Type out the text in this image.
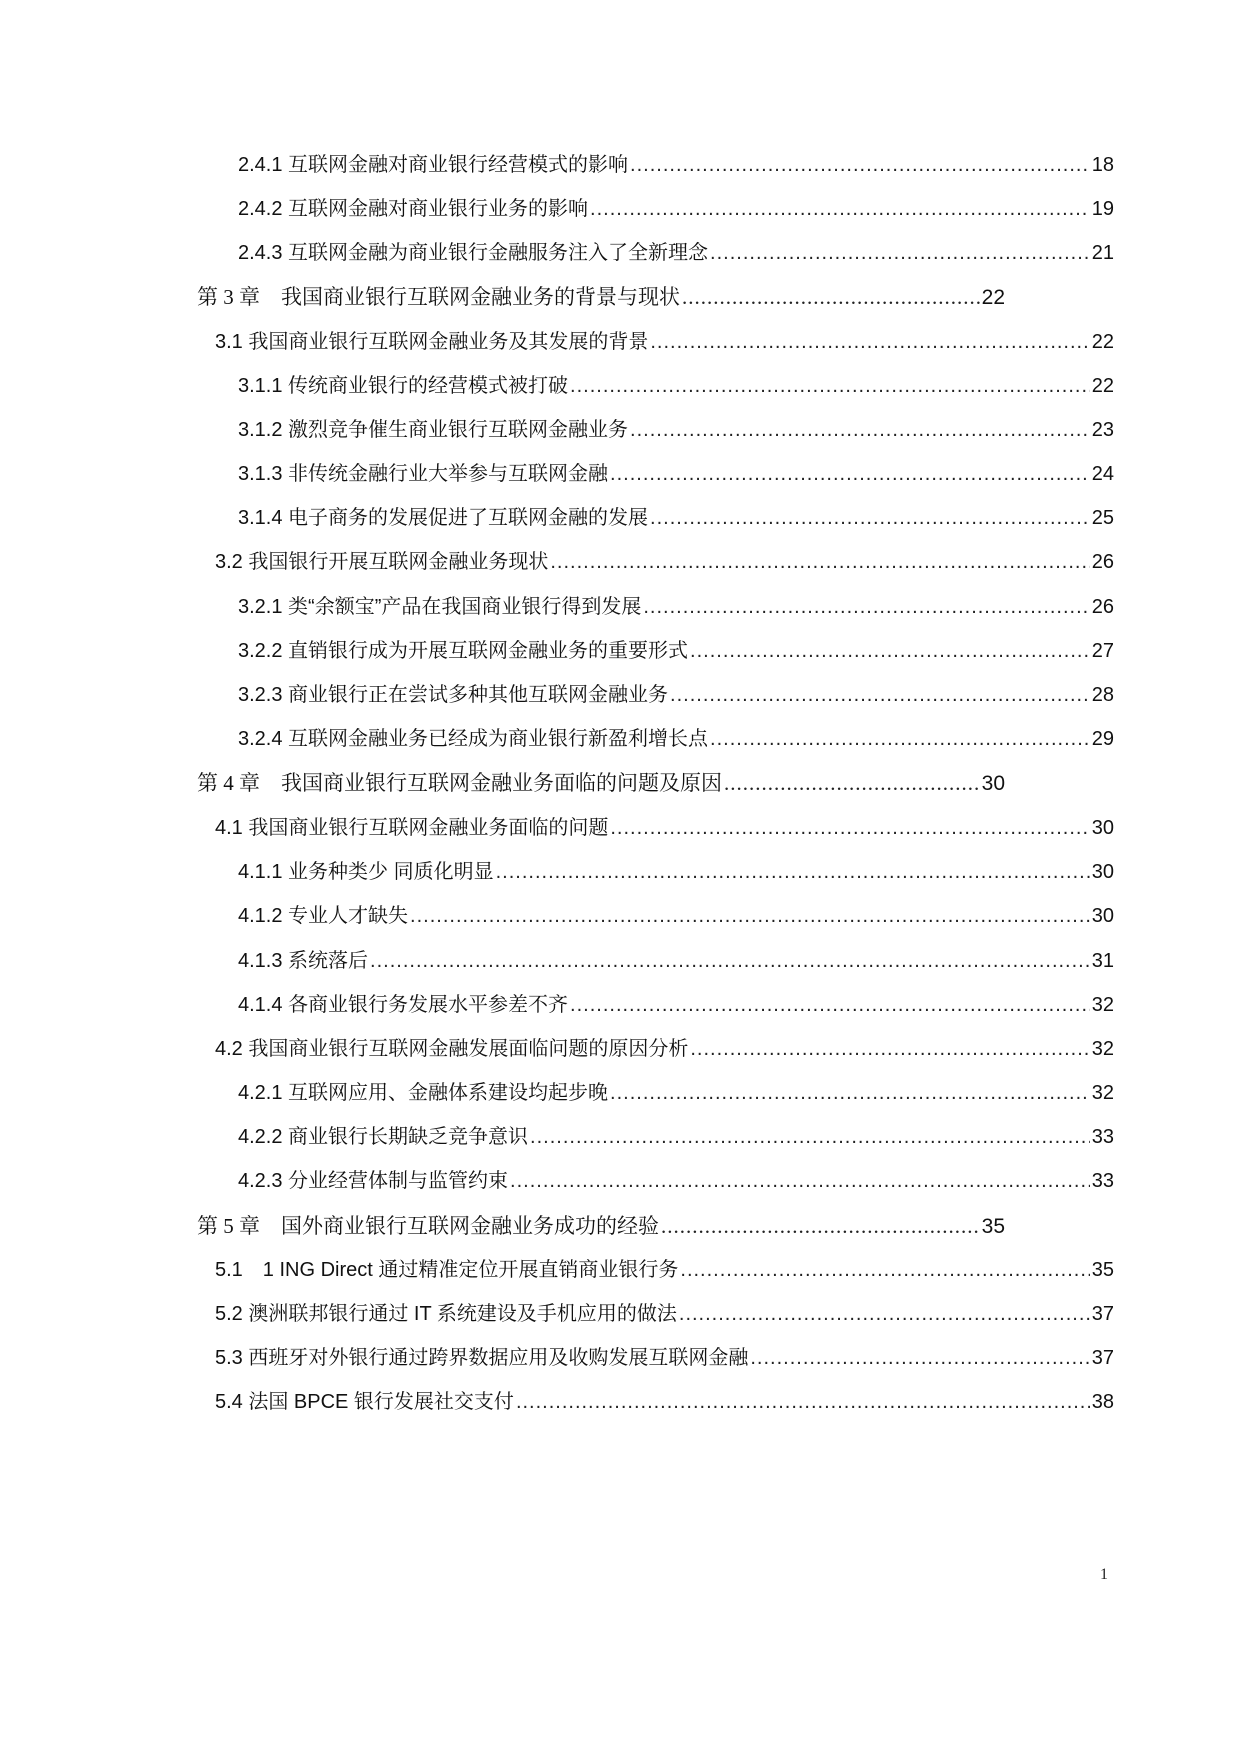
2.4.1 互联网金融对商业银行经营模式的影响 .....	18
2.4.2 互联网金融对商业银行业务的影响 .....	19
2.4.3 互联网金融为商业银行金融服务注入了全新理念 .....	21
第 3 章　我国商业银行互联网金融业务的背景与现状 .....	22
3.1 我国商业银行互联网金融业务及其发展的背景 .....	22
3.1.1 传统商业银行的经营模式被打破 .....	22
3.1.2 激烈竞争催生商业银行互联网金融业务 .....	23
3.1.3 非传统金融行业大举参与互联网金融 .....	24
3.1.4 电子商务的发展促进了互联网金融的发展 .....	25
3.2 我国银行开展互联网金融业务现状 .....	26
3.2.1 类“余额宝”产品在我国商业银行得到发展 .....	26
3.2.2 直销银行成为开展互联网金融业务的重要形式 .....	27
3.2.3 商业银行正在尝试多种其他互联网金融业务 .....	28
3.2.4 互联网金融业务已经成为商业银行新盈利增长点 .....	29
第 4 章　我国商业银行互联网金融业务面临的问题及原因 .....	30
4.1 我国商业银行互联网金融业务面临的问题 .....	30
4.1.1 业务种类少 同质化明显 .....	30
4.1.2 专业人才缺失 .....	30
4.1.3 系统落后 .....	31
4.1.4 各商业银行务发展水平参差不齐 .....	32
4.2 我国商业银行互联网金融发展面临问题的原因分析 .....	32
4.2.1 互联网应用、金融体系建设均起步晚 .....	32
4.2.2 商业银行长期缺乏竞争意识 .....	33
4.2.3 分业经营体制与监管约束 .....	33
第 5 章　国外商业银行互联网金融业务成功的经验 .....	35
5.1　1 ING Direct 通过精准定位开展直销商业银行务 .....	35
5.2 澳洲联邦银行通过 IT 系统建设及手机应用的做法 .....	37
5.3 西班牙对外银行通过跨界数据应用及收购发展互联网金融 .....	37
5.4 法国 BPCE 银行发展社交支付 .....	38
1
